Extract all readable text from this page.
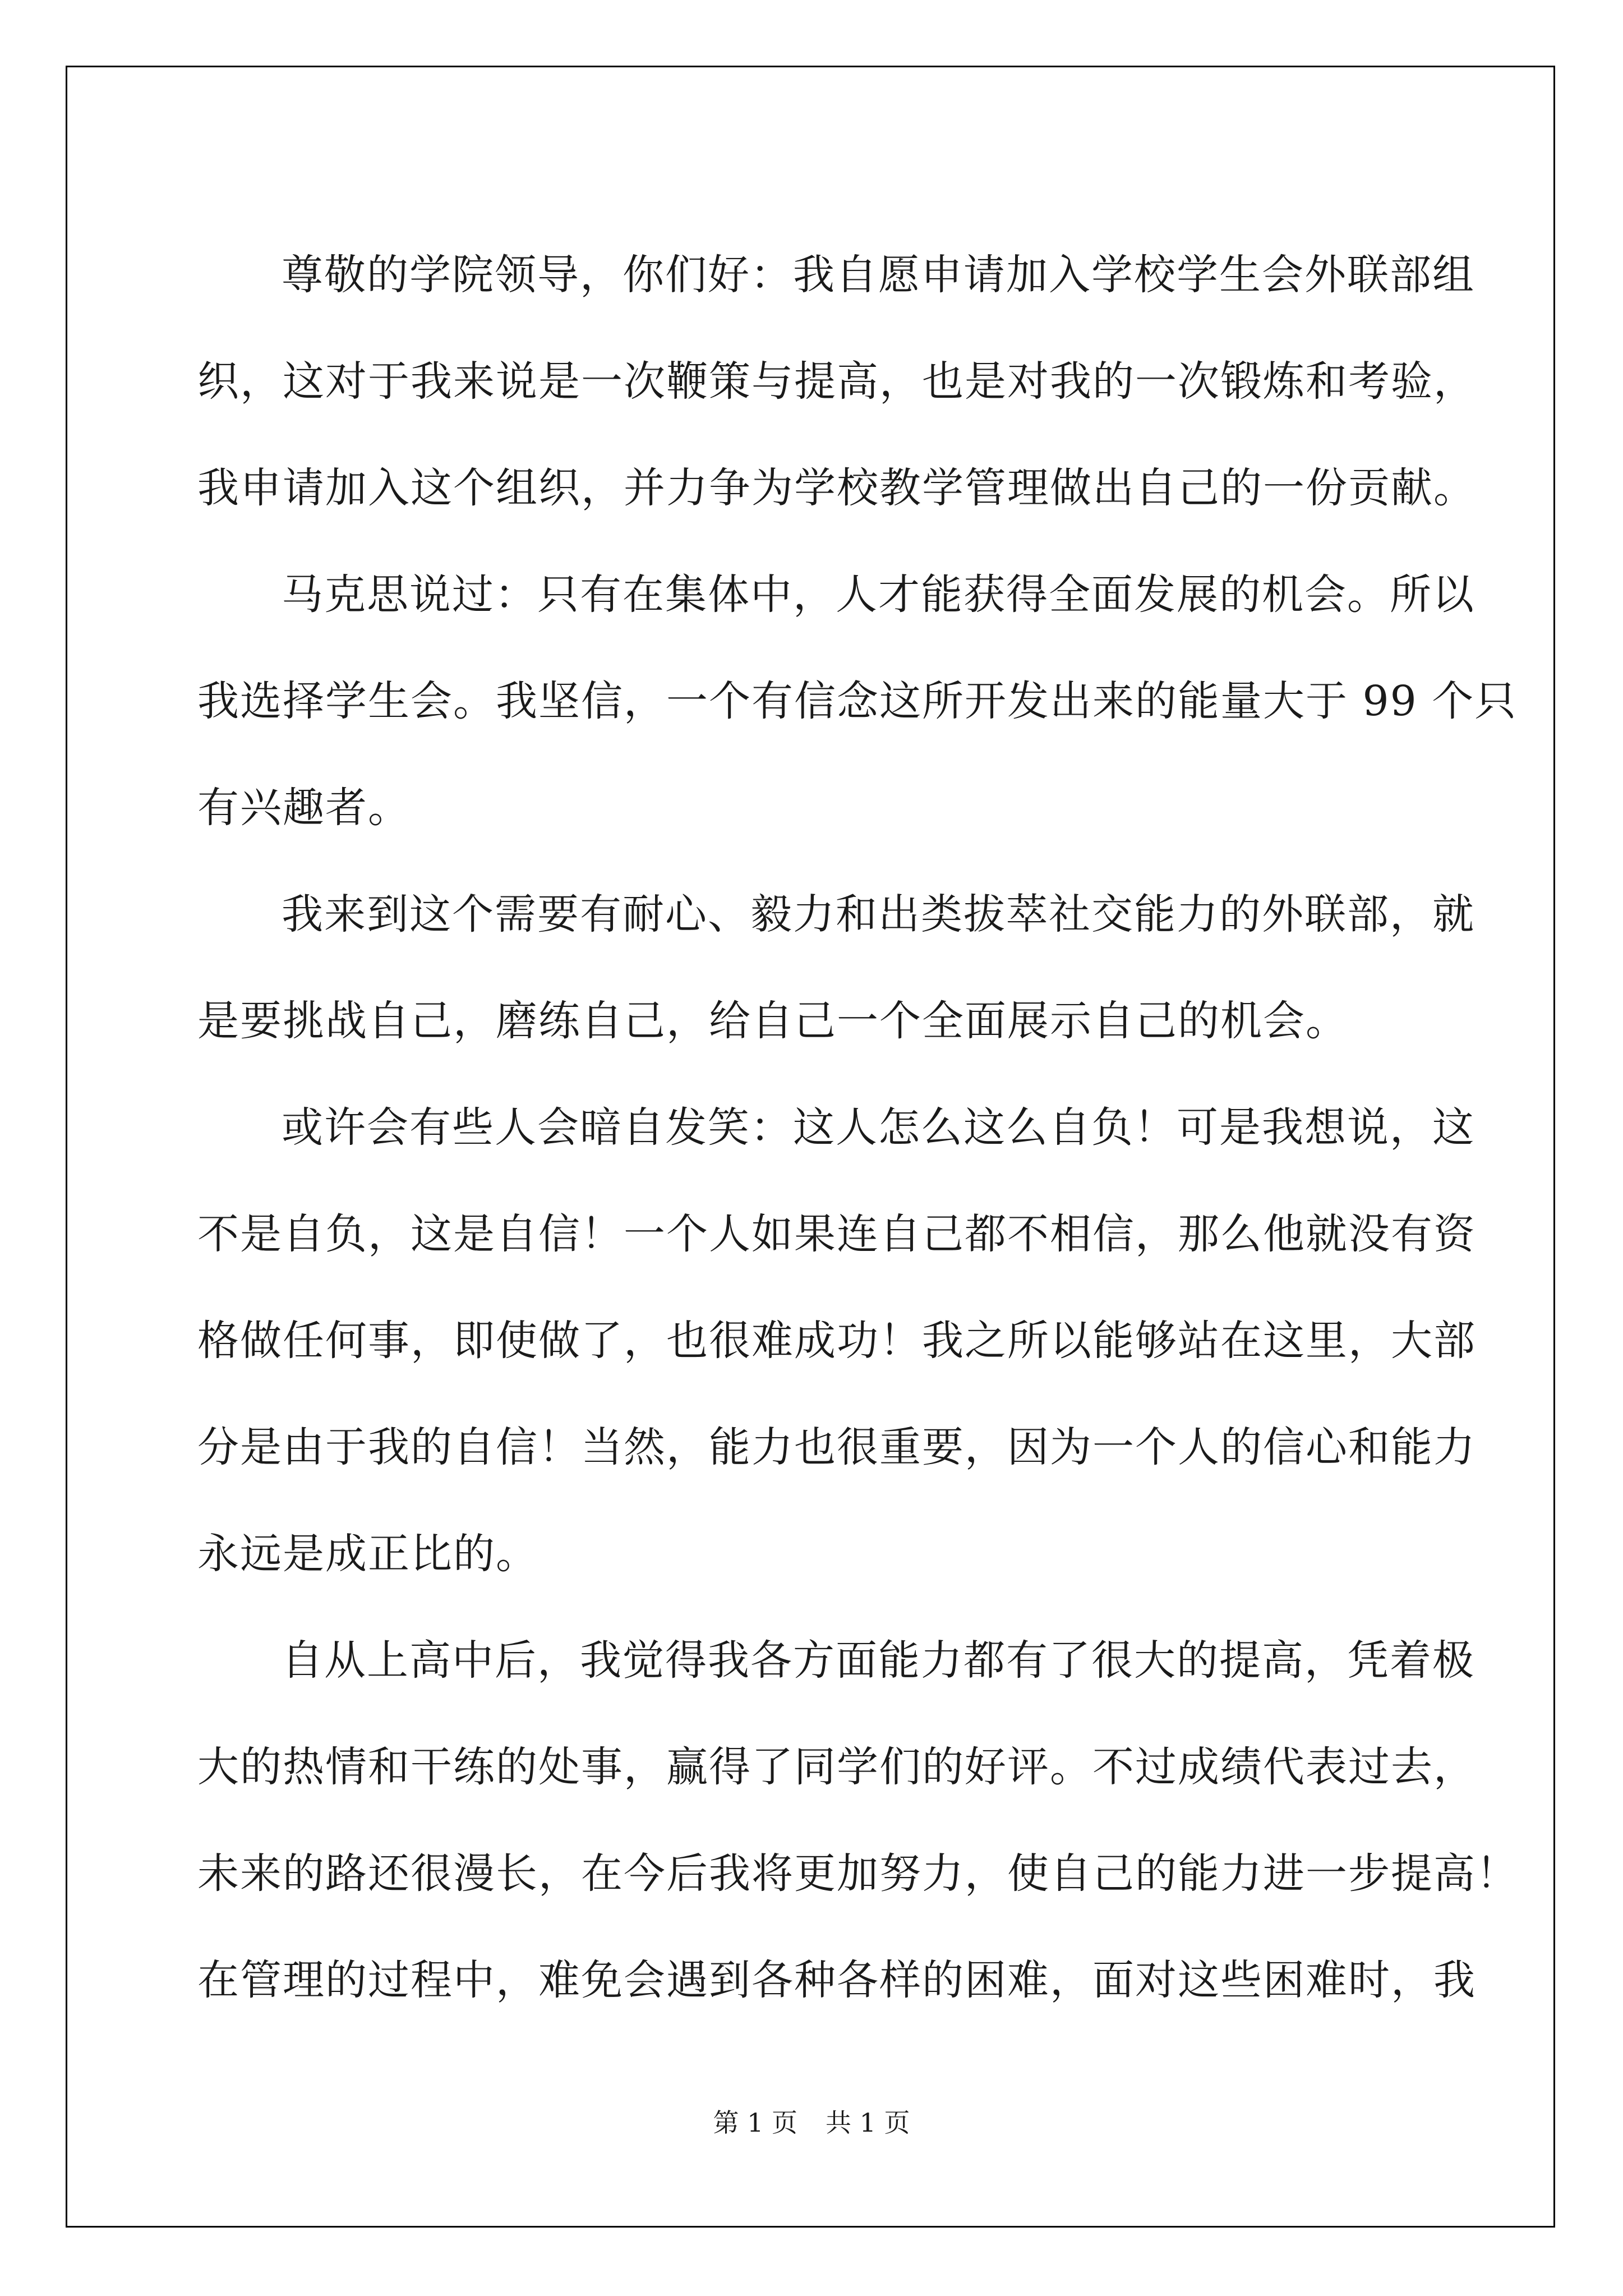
尊敬的学院领导，你们好：我自愿申请加入学校学生会外联部组
织，这对于我来说是一次鞭策与提高，也是对我的一次锻炼和考验，
我申请加入这个组织，并力争为学校教学管理做出自己的一份贡献。
马克思说过：只有在集体中，人才能获得全面发展的机会。所以
我选择学生会。我坚信，一个有信念这所开发出来的能量大于 99 个只
有兴趣者。
我来到这个需要有耐心、毅力和出类拔萃社交能力的外联部，就
是要挑战自己，磨练自己，给自己一个全面展示自己的机会。
或许会有些人会暗自发笑：这人怎么这么自负！可是我想说，这
不是自负，这是自信！一个人如果连自己都不相信，那么他就没有资
格做任何事，即使做了，也很难成功！我之所以能够站在这里，大部
分是由于我的自信！当然，能力也很重要，因为一个人的信心和能力
永远是成正比的。
自从上高中后，我觉得我各方面能力都有了很大的提高，凭着极
大的热情和干练的处事，赢得了同学们的好评。不过成绩代表过去，
未来的路还很漫长，在今后我将更加努力，使自己的能力进一步提高！
在管理的过程中，难免会遇到各种各样的困难，面对这些困难时，我
第 1 页 共 1 页
